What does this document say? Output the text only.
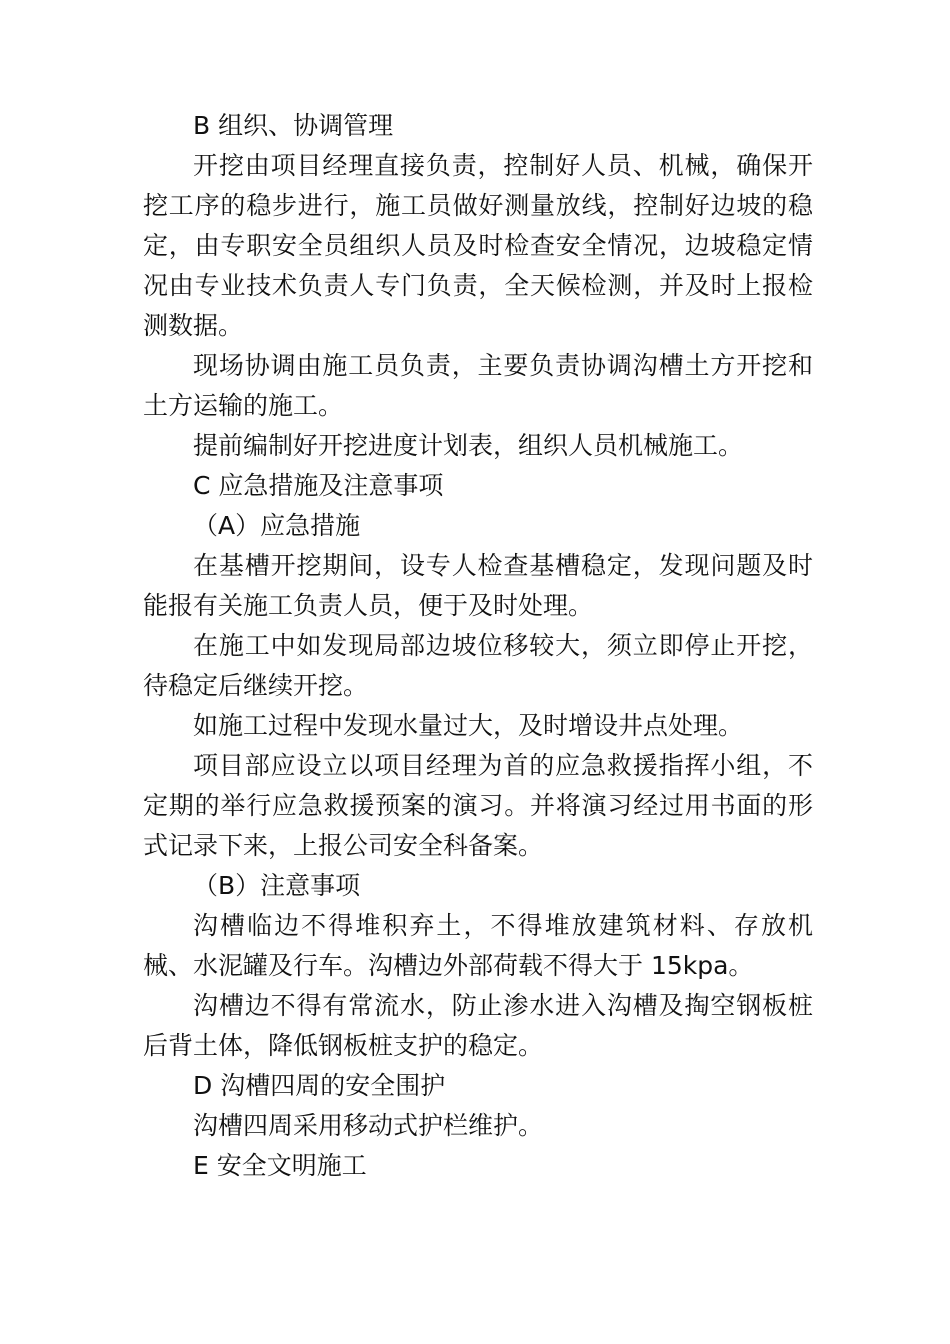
B 组织、协调管理

开挖由项目经理直接负责，控制好人员、机械，确保开挖工序的稳步进行，施工员做好测量放线，控制好边坡的稳定，由专职安全员组织人员及时检查安全情况，边坡稳定情况由专业技术负责人专门负责，全天候检测，并及时上报检测数据。

现场协调由施工员负责，主要负责协调沟槽土方开挖和土方运输的施工。

提前编制好开挖进度计划表，组织人员机械施工。

C 应急措施及注意事项

（A）应急措施

在基槽开挖期间，设专人检查基槽稳定，发现问题及时能报有关施工负责人员，便于及时处理。

在施工中如发现局部边坡位移较大，须立即停止开挖，待稳定后继续开挖。

如施工过程中发现水量过大，及时增设井点处理。

项目部应设立以项目经理为首的应急救援指挥小组，不定期的举行应急救援预案的演习。并将演习经过用书面的形式记录下来，上报公司安全科备案。

（B）注意事项

沟槽临边不得堆积弃土，不得堆放建筑材料、存放机械、水泥罐及行车。沟槽边外部荷载不得大于 15kpa。

沟槽边不得有常流水，防止渗水进入沟槽及掏空钢板桩后背土体，降低钢板桩支护的稳定。

D 沟槽四周的安全围护

沟槽四周采用移动式护栏维护。

E 安全文明施工
